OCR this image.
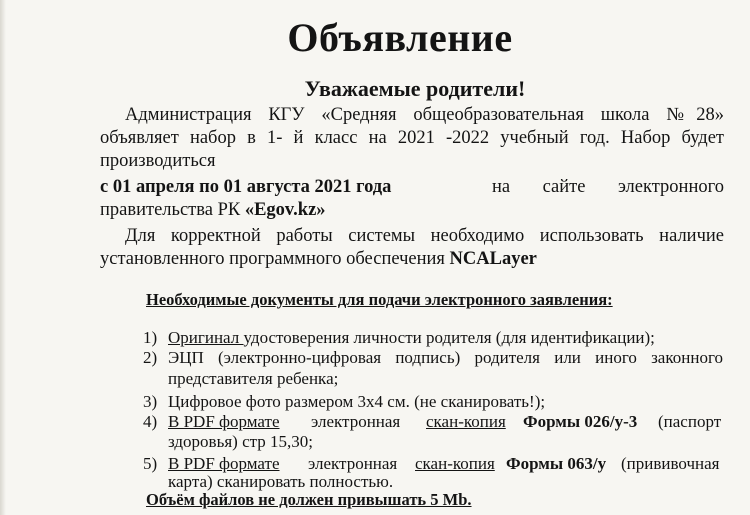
Объявление
Уважаемые родители!
Администрация КГУ «Средняя общеобразовательная школа №28»
объявляет набор в 1- й класс на 2021 -2022 учебный год. Набор будет
производиться
с 01 апреля по 01 августа 2021 года	на сайте электронного
правительства РК «Egov.kz»
Для корректной работы системы необходимо использовать наличие
установленного программного обеспечения NCALayer
Необходимые документы для подачи электронного заявления:
1) Оригинал удостоверения личности родителя (для идентификации);
2) ЭЦП (электронно-цифровая подпись) родителя или иного законного
представителя ребенка;
3) Цифровое фото размером 3х4 см. (не сканировать!);
4) В PDF формате электронная скан-копия Формы 026/у-3 (паспорт
здоровья) стр 15,30;
5) В PDF формате электронная скан-копия Формы 063/у (прививочная
карта) сканировать полностью.
Объём файлов не должен привышать 5 Mb.
